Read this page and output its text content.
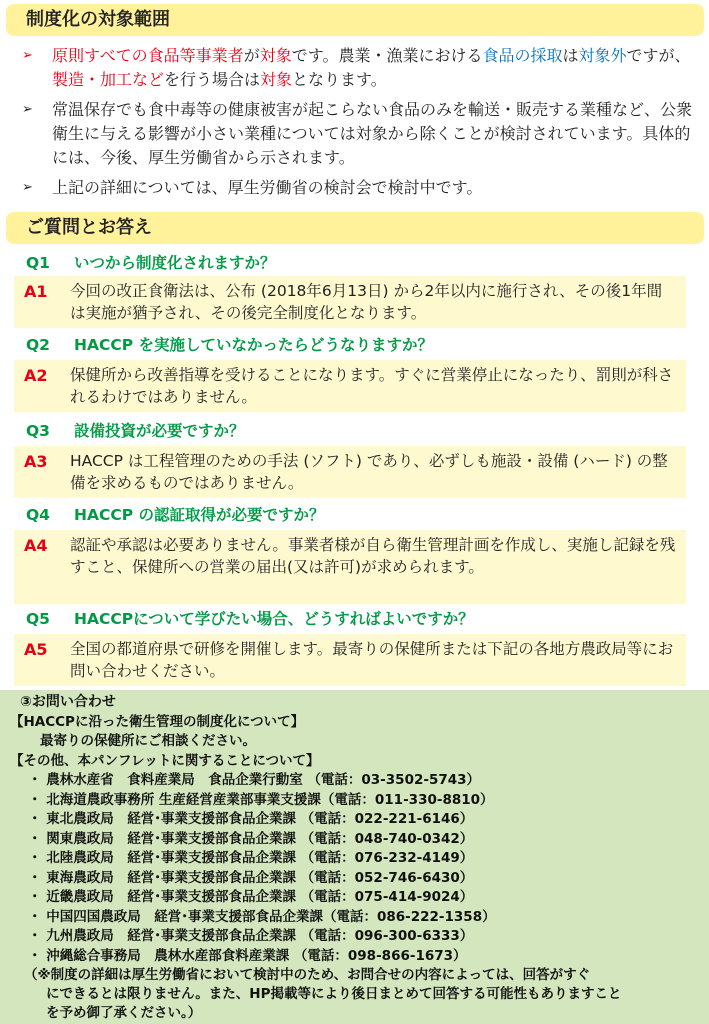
制度化の対象範囲
➢ 原則すべての食品等事業者が対象です。農業・漁業における食品の採取は対象外ですが、製造・加工などを行う場合は対象となります。
➢ 常温保存でも食中毒等の健康被害が起こらない食品のみを輸送・販売する業種など、公衆衛生に与える影響が小さい業種については対象から除くことが検討されています。具体的には、今後、厚生労働省から示されます。
➢ 上記の詳細については、厚生労働省の検討会で検討中です。
ご質問とお答え
Q1 いつから制度化されますか？
A1 今回の改正食衛法は、公布 (2018年6月13日) から2年以内に施行され、その後1年間は実施が猶予され、その後完全制度化となります。
Q2 HACCP を実施していなかったらどうなりますか？
A2 保健所から改善指導を受けることになります。すぐに営業停止になったり、罰則が科されるわけではありません。
Q3 設備投資が必要ですか？
A3 HACCP は工程管理のための手法 (ソフト) であり、必ずしも施設・設備 (ハード) の整備を求めるものではありません。
Q4 HACCP の認証取得が必要ですか？
A4 認証や承認は必要ありません。事業者様が自ら衛生管理計画を作成し、実施し記録を残すこと、保健所への営業の届出(又は許可)が求められます。
Q5 HACCPについて学びたい場合、どうすればよいですか？
A5 全国の都道府県で研修を開催します。最寄りの保健所または下記の各地方農政局等にお問い合わせください。
③お問い合わせ
【HACCPに沿った衛生管理の制度化について】
最寄りの保健所にご相談ください。
【その他、本パンフレットに関することについて】
・ 農林水産省　食料産業局　食品企業行動室 （電話：03-3502-5743）
・ 北海道農政事務所 生産経営産業部事業支援課（電話：011-330-8810）
・ 東北農政局　経営･事業支援部食品企業課 （電話：022-221-6146）
・ 関東農政局　経営･事業支援部食品企業課 （電話：048-740-0342）
・ 北陸農政局　経営･事業支援部食品企業課 （電話：076-232-4149）
・ 東海農政局　経営･事業支援部食品企業課 （電話：052-746-6430）
・ 近畿農政局　経営･事業支援部食品企業課 （電話：075-414-9024）
・ 中国四国農政局　経営･事業支援部食品企業課（電話：086-222-1358）
・ 九州農政局　経営･事業支援部食品企業課 （電話：096-300-6333）
・ 沖縄総合事務局　農林水産部食料産業課 （電話：098-866-1673）
（※制度の詳細は厚生労働省において検討中のため、お問合せの内容によっては、回答がすぐ
にできるとは限りません。また、HP掲載等により後日まとめて回答する可能性もありますこと
を予め御了承ください。）
